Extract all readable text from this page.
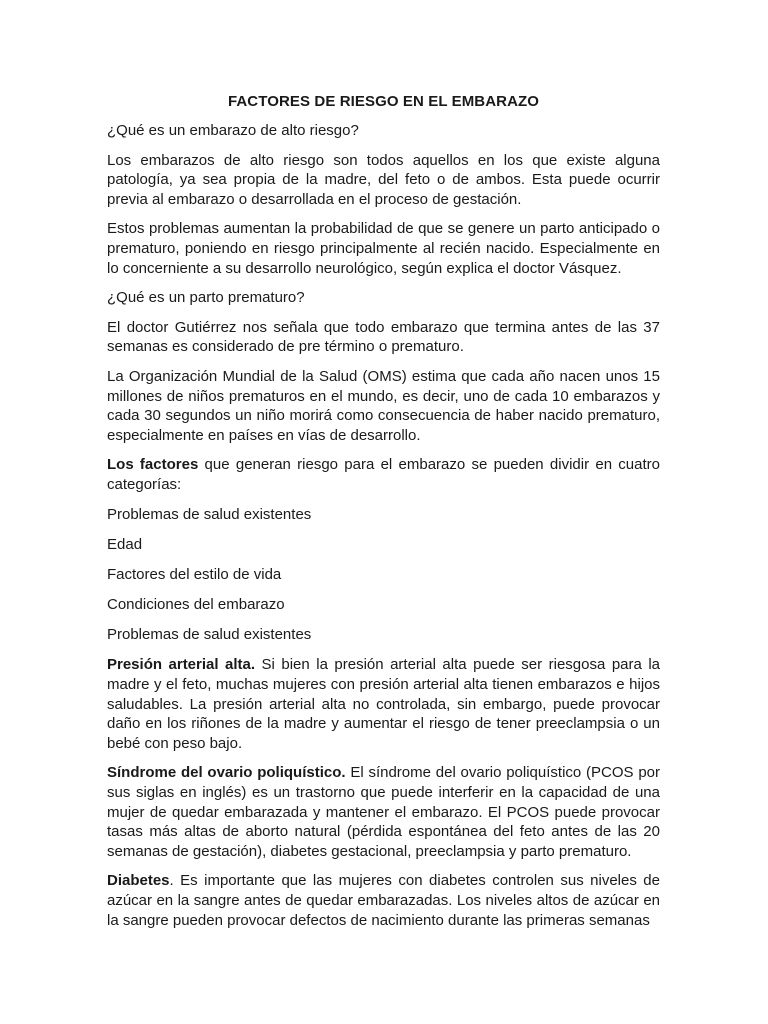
FACTORES DE RIESGO EN EL EMBARAZO

¿Qué es un embarazo de alto riesgo?

Los embarazos de alto riesgo son todos aquellos en los que existe alguna patología, ya sea propia de la madre, del feto o de ambos. Esta puede ocurrir previa al embarazo o desarrollada en el proceso de gestación.

Estos problemas aumentan la probabilidad de que se genere un parto anticipado o prematuro, poniendo en riesgo principalmente al recién nacido. Especialmente en lo concerniente a su desarrollo neurológico, según explica el doctor Vásquez.

¿Qué es un parto prematuro?

El doctor Gutiérrez nos señala que todo embarazo que termina antes de las 37 semanas es considerado de pre término o prematuro.

La Organización Mundial de la Salud (OMS) estima que cada año nacen unos 15 millones de niños prematuros en el mundo, es decir, uno de cada 10 embarazos y cada 30 segundos un niño morirá como consecuencia de haber nacido prematuro, especialmente en países en vías de desarrollo.

Los factores que generan riesgo para el embarazo se pueden dividir en cuatro categorías:

Problemas de salud existentes

Edad

Factores del estilo de vida

Condiciones del embarazo

Problemas de salud existentes

Presión arterial alta. Si bien la presión arterial alta puede ser riesgosa para la madre y el feto, muchas mujeres con presión arterial alta tienen embarazos e hijos saludables. La presión arterial alta no controlada, sin embargo, puede provocar daño en los riñones de la madre y aumentar el riesgo de tener preeclampsia o un bebé con peso bajo.

Síndrome del ovario poliquístico. El síndrome del ovario poliquístico (PCOS por sus siglas en inglés) es un trastorno que puede interferir en la capacidad de una mujer de quedar embarazada y mantener el embarazo. El PCOS puede provocar tasas más altas de aborto natural (pérdida espontánea del feto antes de las 20 semanas de gestación), diabetes gestacional, preeclampsia y parto prematuro.

Diabetes. Es importante que las mujeres con diabetes controlen sus niveles de azúcar en la sangre antes de quedar embarazadas. Los niveles altos de azúcar en la sangre pueden provocar defectos de nacimiento durante las primeras semanas
